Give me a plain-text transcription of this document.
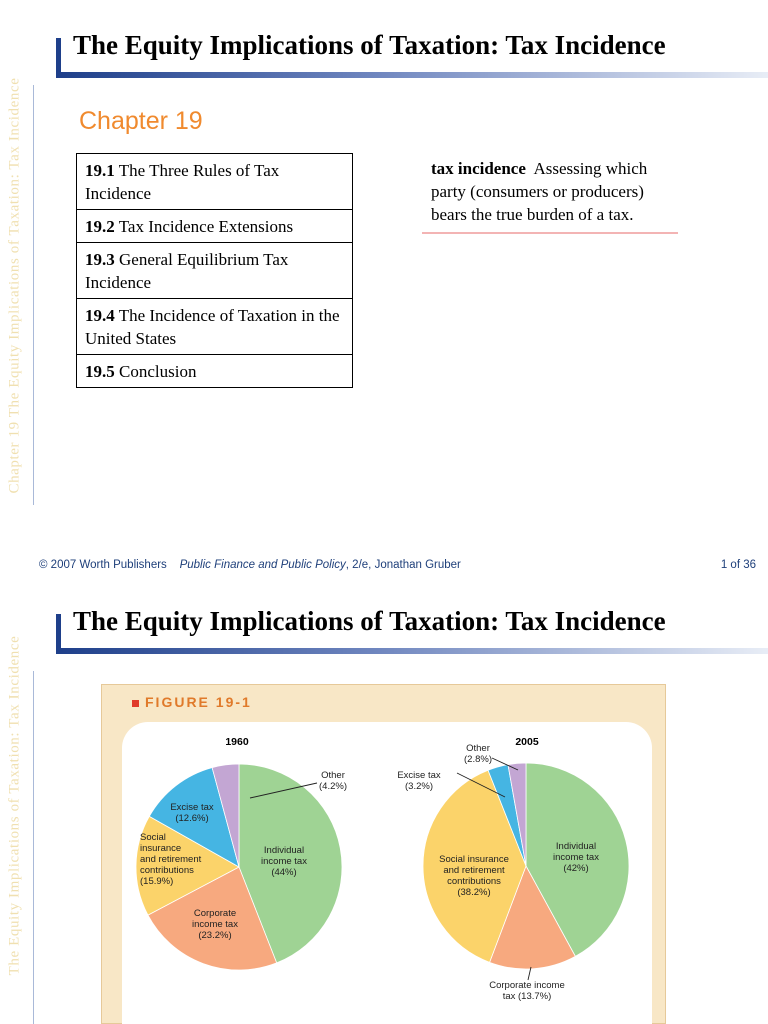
Chapter 19 The Equity Implications of Taxation: Tax Incidence
The Equity Implications of Taxation: Tax Incidence
Chapter 19
19.1 The Three Rules of Tax Incidence
19.2 Tax Incidence Extensions
19.3 General Equilibrium Tax Incidence
19.4 The Incidence of Taxation in the United States
19.5 Conclusion
tax incidence Assessing which party (consumers or producers) bears the true burden of a tax.
© 2007 Worth Publishers Public Finance and Public Policy, 2/e, Jonathan Gruber	1 of 36
The Equity Implications of Taxation: Tax Incidence
The Equity Implications of Taxation: Tax Incidence
FIGURE 19-1
1960
Individual income tax (44%)
Corporate income tax (23.2%)
Social insurance and retirement contributions (15.9%)
Excise tax (12.6%)
Other (4.2%)
2005
Individual income tax (42%)
Corporate income tax (13.7%)
Social insurance and retirement contributions (38.2%)
Excise tax (3.2%)
Other (2.8%)
